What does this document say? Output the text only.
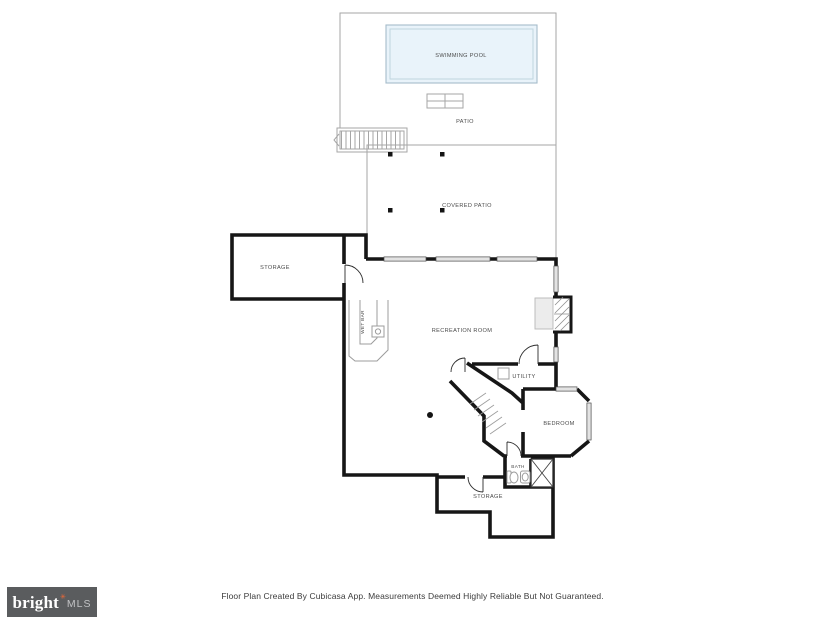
SWIMMING POOL
PATIO
COVERED PATIO
STORAGE
WET BAR	RECREATION ROOM
UTILITY
BEDROOM
BATH
STORAGE
Floor Plan Created By Cubicasa App. Measurements Deemed Highly Reliable But Not Guaranteed.
bright ✳
MLS
